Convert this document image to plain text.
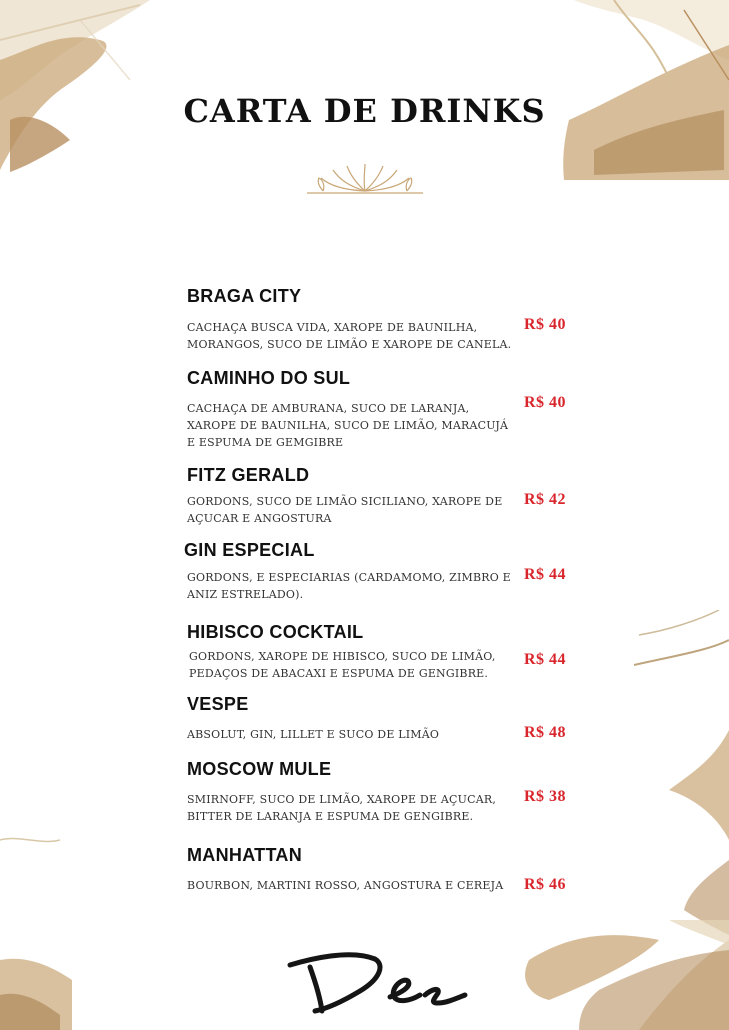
CARTA DE DRINKS
BRAGA CITY

CACHAÇA BUSCA VIDA, XAROPE DE BAUNILHA, MORANGOS, SUCO DE LIMÃO E XAROPE DE CANELA.

R$ 40

CAMINHO DO SUL

CACHAÇA DE AMBURANA, SUCO DE LARANJA, XAROPE DE BAUNILHA, SUCO DE LIMÃO, MARACUJÁ E ESPUMA DE GEMGIBRE

R$ 40

FITZ GERALD

GORDONS, SUCO DE LIMÃO SICILIANO, XAROPE DE AÇUCAR E ANGOSTURA

R$ 42

GIN ESPECIAL

GORDONS, E ESPECIARIAS (CARDAMOMO, ZIMBRO E ANIZ ESTRELADO).

R$ 44

HIBISCO COCKTAIL

GORDONS, XAROPE DE HIBISCO, SUCO DE LIMÃO, PEDAÇOS DE ABACAXI E ESPUMA DE GENGIBRE.

R$ 44

VESPE

ABSOLUT, GIN, LILLET E SUCO DE LIMÃO	R$ 48

MOSCOW MULE

SMIRNOFF, SUCO DE LIMÃO, XAROPE DE AÇUCAR, BITTER DE LARANJA E ESPUMA DE GENGIBRE.

R$ 38

MANHATTAN

BOURBON, MARTINI ROSSO, ANGOSTURA E CEREJA	R$ 46
